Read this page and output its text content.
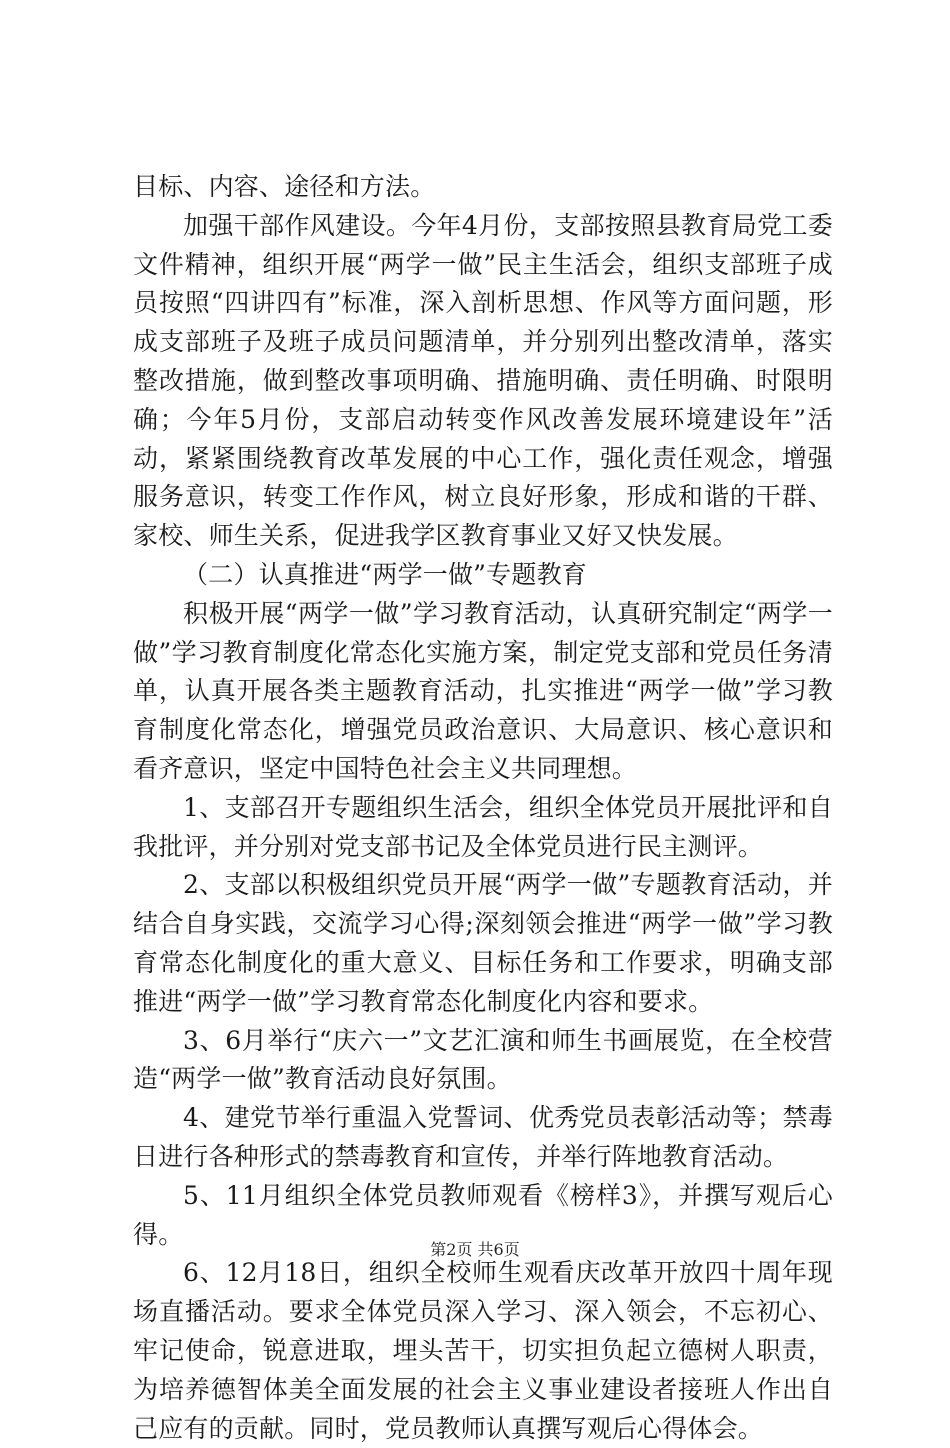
目标、内容、途径和方法。

加强干部作风建设。今年4月份，支部按照县教育局党工委文件精神，组织开展“两学一做”民主生活会，组织支部班子成员按照“四讲四有”标准，深入剖析思想、作风等方面问题，形成支部班子及班子成员问题清单，并分别列出整改清单，落实整改措施，做到整改事项明确、措施明确、责任明确、时限明确；今年5月份，支部启动转变作风改善发展环境建设年”活动，紧紧围绕教育改革发展的中心工作，强化责任观念，增强服务意识，转变工作作风，树立良好形象，形成和谐的干群、家校、师生关系，促进我学区教育事业又好又快发展。

（二）认真推进“两学一做”专题教育

积极开展“两学一做”学习教育活动，认真研究制定“两学一做”学习教育制度化常态化实施方案，制定党支部和党员任务清单，认真开展各类主题教育活动，扎实推进“两学一做”学习教育制度化常态化，增强党员政治意识、大局意识、核心意识和看齐意识，坚定中国特色社会主义共同理想。

1、支部召开专题组织生活会，组织全体党员开展批评和自我批评，并分别对党支部书记及全体党员进行民主测评。

2、支部以积极组织党员开展“两学一做”专题教育活动，并结合自身实践，交流学习心得;深刻领会推进“两学一做”学习教育常态化制度化的重大意义、目标任务和工作要求，明确支部推进“两学一做”学习教育常态化制度化内容和要求。

3、6月举行“庆六一”文艺汇演和师生书画展览，在全校营造“两学一做”教育活动良好氛围。

4、建党节举行重温入党誓词、优秀党员表彰活动等；禁毒日进行各种形式的禁毒教育和宣传，并举行阵地教育活动。

5、11月组织全体党员教师观看《榜样3》，并撰写观后心得。

6、12月18日，组织全校师生观看庆改革开放四十周年现场直播活动。要求全体党员深入学习、深入领会，不忘初心、牢记使命，锐意进取，埋头苦干，切实担负起立德树人职责，为培养德智体美全面发展的社会主义事业建设者接班人作出自己应有的贡献。同时，党员教师认真撰写观后心得体会。

第2页 共6页
